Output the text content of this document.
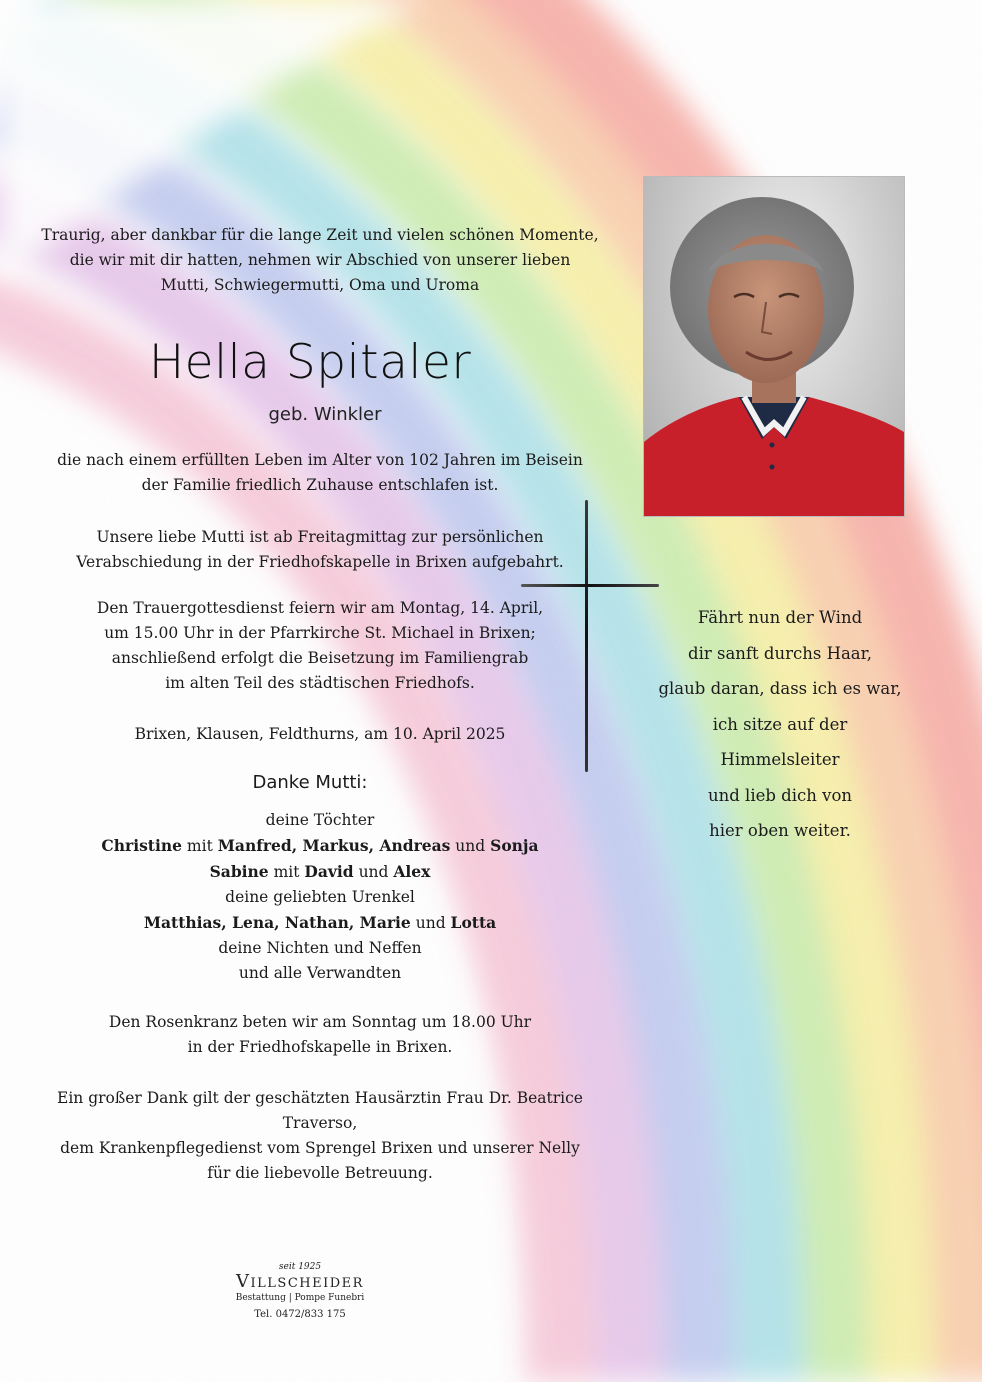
Traurig, aber dankbar für die lange Zeit und vielen schönen Momente,
die wir mit dir hatten, nehmen wir Abschied von unserer lieben
Mutti, Schwiegermutti, Oma und Uroma
Hella Spitaler
geb. Winkler
die nach einem erfüllten Leben im Alter von 102 Jahren im Beisein
der Familie friedlich Zuhause entschlafen ist.
Unsere liebe Mutti ist ab Freitagmittag zur persönlichen
Verabschiedung in der Friedhofskapelle in Brixen aufgebahrt.
Den Trauergottesdienst feiern wir am Montag, 14. April,
um 15.00 Uhr in der Pfarrkirche St. Michael in Brixen;
anschließend erfolgt die Beisetzung im Familiengrab
im alten Teil des städtischen Friedhofs.
Brixen, Klausen, Feldthurns, am 10. April 2025
Danke Mutti:
deine Töchter
Christine mit Manfred, Markus, Andreas und Sonja
Sabine mit David und Alex
deine geliebten Urenkel
Matthias, Lena, Nathan, Marie und Lotta
deine Nichten und Neffen
und alle Verwandten
Den Rosenkranz beten wir am Sonntag um 18.00 Uhr
in der Friedhofskapelle in Brixen.
Ein großer Dank gilt der geschätzten Hausärztin Frau Dr. Beatrice Traverso,
dem Krankenpflegedienst vom Sprengel Brixen und unserer Nelly
für die liebevolle Betreuung.
Fährt nun der Wind
dir sanft durchs Haar,
glaub daran, dass ich es war,
ich sitze auf der
Himmelsleiter
und lieb dich von
hier oben weiter.
seit 1925
Villscheider
Bestattung | Pompe Funebri
Tel. 0472/833 175
